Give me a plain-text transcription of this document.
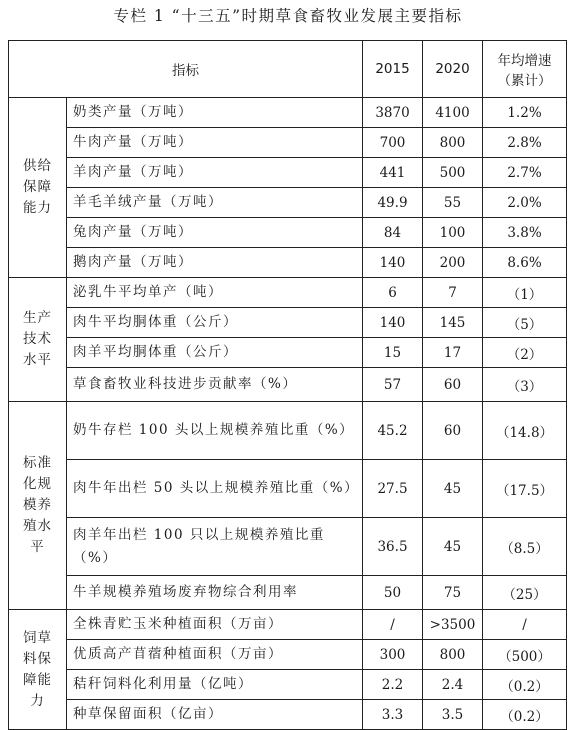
专栏 1 “十三五”时期草食畜牧业发展主要指标
指标		2015	2020	年均增速
（累计）

供给保障能力	奶类产量（万吨）	3870	4100	1.2%
	牛肉产量（万吨）	700	800	2.8%
	羊肉产量（万吨）	441	500	2.7%
	羊毛羊绒产量（万吨）	49.9	55	2.0%
	兔肉产量（万吨）	84	100	3.8%
	鹅肉产量（万吨）	140	200	8.6%
生产技术水平	泌乳牛平均单产（吨）	6	7	（1）
	肉牛平均胴体重（公斤）	140	145	（5）
	肉羊平均胴体重（公斤）	15	17	（2）
	草食畜牧业科技进步贡献率（%）	57	60	（3）
标准化规模养殖水平	奶牛存栏 100 头以上规模养殖比重（%）	45.2	60	（14.8）
	肉牛年出栏 50 头以上规模养殖比重（%）	27.5	45	（17.5）
	肉羊年出栏 100 只以上规模养殖比重（%）	36.5	45	（8.5）
	牛羊规模养殖场废弃物综合利用率	50	75	（25）
饲草料保障能力	全株青贮玉米种植面积（万亩）	/	>3500	/
	优质高产苜蓿种植面积（万亩）	300	800	（500）
	秸秆饲料化利用量（亿吨）	2.2	2.4	（0.2）
	种草保留面积（亿亩）	3.3	3.5	（0.2）
